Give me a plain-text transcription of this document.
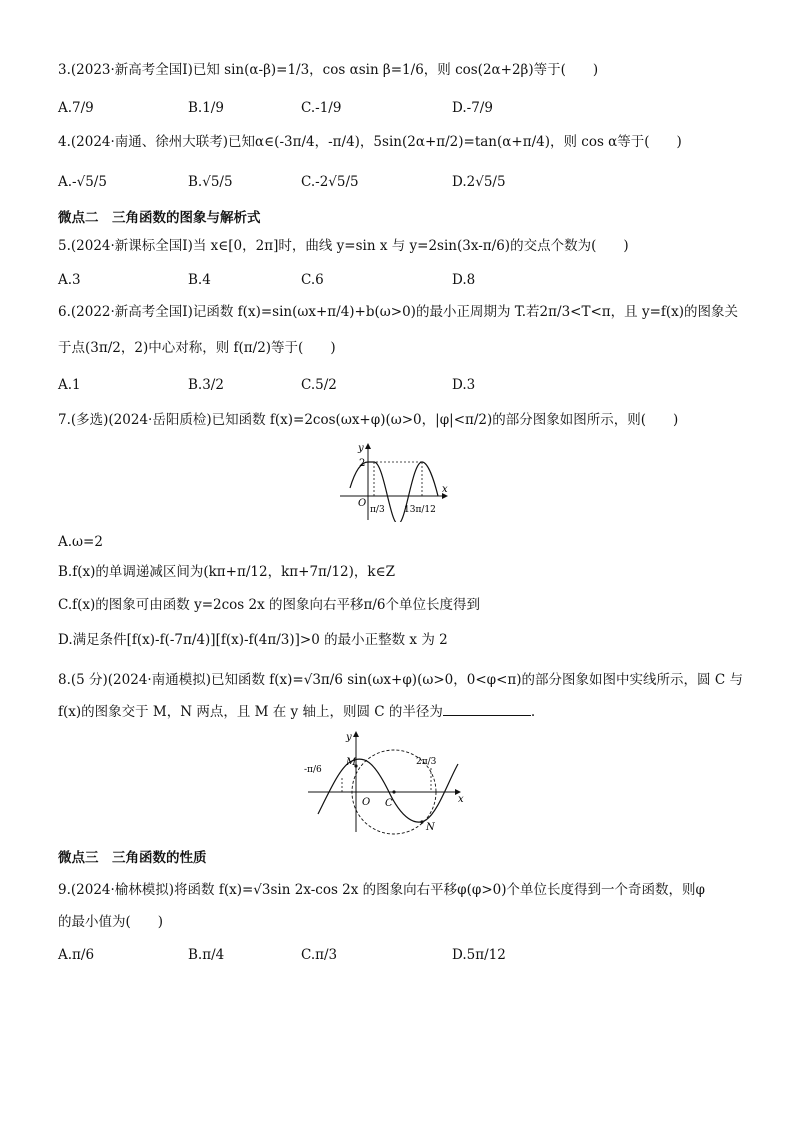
3.(2023·新高考全国Ⅰ)已知 sin(α-β)=1/3，cos αsin β=1/6，则 cos(2α+2β)等于(　　)
A.7/9	B.1/9	C.-1/9	D.-7/9
4.(2024·南通、徐州大联考)已知α∈(-3π/4，-π/4)，5sin(2α+π/2)=tan(α+π/4)，则 cos α等于(　　)
A.-√5/5	B.√5/5	C.-2√5/5	D.2√5/5
微点二　三角函数的图象与解析式
5.(2024·新课标全国Ⅰ)当 x∈[0，2π]时，曲线 y=sin x 与 y=2sin(3x-π/6)的交点个数为(　　)
A.3	B.4	C.6	D.8
6.(2022·新高考全国Ⅰ)记函数 f(x)=sin(ωx+π/4)+b(ω>0)的最小正周期为 T.若2π/3<T<π，且 y=f(x)的图象关
于点(3π/2，2)中心对称，则 f(π/2)等于(　　)
A.1	B.3/2	C.5/2	D.3
7.(多选)(2024·岳阳质检)已知函数 f(x)=2cos(ωx+φ)(ω>0，|φ|<π/2)的部分图象如图所示，则(　　)
y
x
O
2
π/3 13π/12
A.ω=2
B.f(x)的单调递减区间为(kπ+π/12，kπ+7π/12)，k∈Z
C.f(x)的图象可由函数 y=2cos 2x 的图象向右平移π/6个单位长度得到
D.满足条件[f(x)-f(-7π/4)][f(x)-f(4π/3)]>0 的最小正整数 x 为 2
8.(5 分)(2024·南通模拟)已知函数 f(x)=√3π/6 sin(ωx+φ)(ω>0，0<φ<π)的部分图象如图中实线所示，圆 C 与
f(x)的图象交于 M，N 两点，且 M 在 y 轴上，则圆 C 的半径为	.
y
x
O
M
C
N
-π/6
2π/3
微点三　三角函数的性质
9.(2024·榆林模拟)将函数 f(x)=√3sin 2x-cos 2x 的图象向右平移φ(φ>0)个单位长度得到一个奇函数，则φ
的最小值为(　　)
A.π/6	B.π/4	C.π/3	D.5π/12
